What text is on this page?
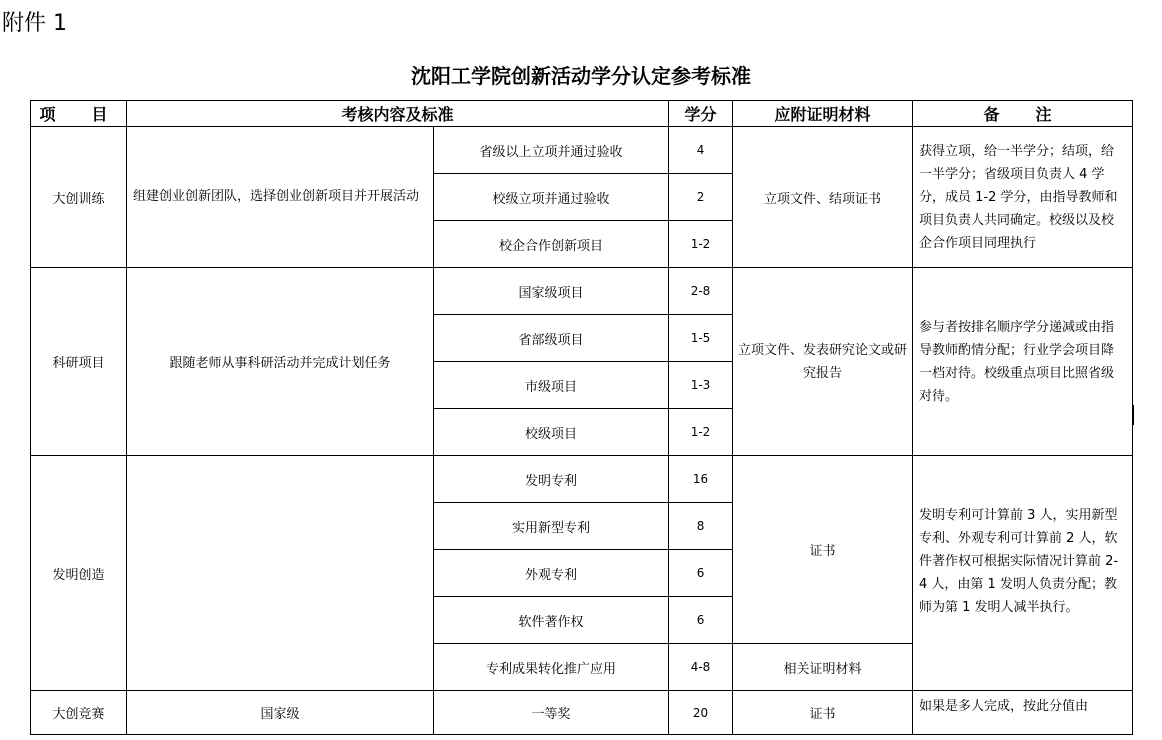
附件 1
沈阳工学院创新活动学分认定参考标准
项　目	考核内容及标准		学分	应附证明材料	备　注
大创训练	组建创业创新团队，选择创业创新项目并开展活动	省级以上立项并通过验收	4	立项文件、结项证书	获得立项，给一半学分；结项，给一半学分；省级项目负责人 4 学分，成员 1-2 学分，由指导教师和项目负责人共同确定。校级以及校企合作项目同理执行
		校级立项并通过验收	2		
		校企合作创新项目	1-2		
科研项目	跟随老师从事科研活动并完成计划任务	国家级项目	2-8	立项文件、发表研究论文或研究报告	参与者按排名顺序学分递减或由指导教师酌情分配；行业学会项目降一档对待。校级重点项目比照省级对待。
		省部级项目	1-5		
		市级项目	1-3		
		校级项目	1-2		
发明创造		发明专利	16	证书	发明专利可计算前 3 人，实用新型专利、外观专利可计算前 2 人，软件著作权可根据实际情况计算前 2-4 人，由第 1 发明人负责分配；教师为第 1 发明人减半执行。
		实用新型专利	8		
		外观专利	6		
		软件著作权	6		
		专利成果转化推广应用	4-8	相关证明材料	
大创竞赛	国家级	一等奖	20	证书	如果是多人完成，按此分值由
